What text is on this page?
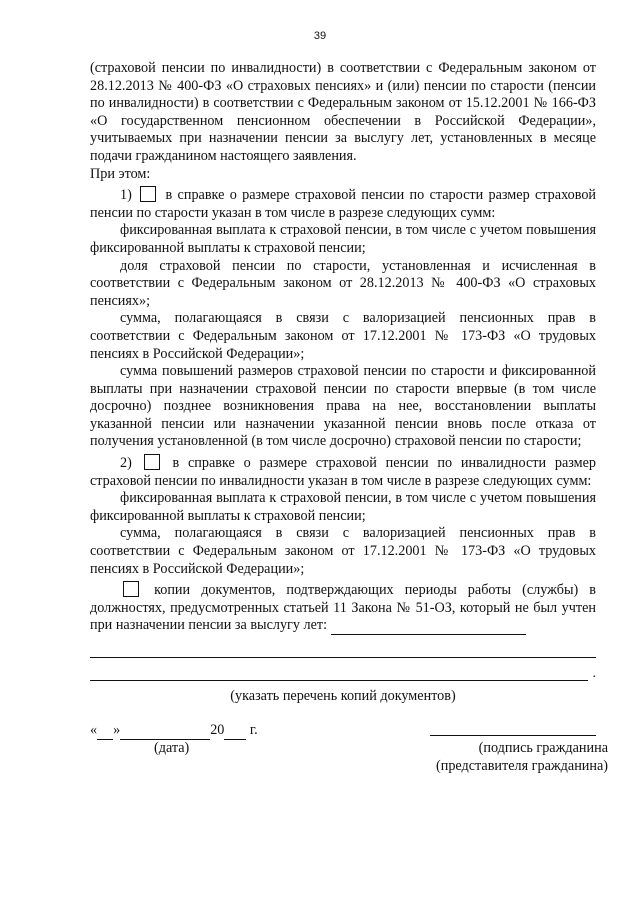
39

(страховой пенсии по инвалидности) в соответствии с Федеральным законом от 28.12.2013 № 400-ФЗ «О страховых пенсиях» и (или) пенсии по старости (пенсии по инвалидности) в соответствии с Федеральным законом от 15.12.2001 № 166-ФЗ «О государственном пенсионном обеспечении в Российской Федерации», учитываемых при назначении пенсии за выслугу лет, установленных в месяце подачи гражданином настоящего заявления.

При этом:

1) в справке о размере страховой пенсии по старости размер страховой пенсии по старости указан в том числе в разрезе следующих сумм:

фиксированная выплата к страховой пенсии, в том числе с учетом повышения фиксированной выплаты к страховой пенсии;

доля страховой пенсии по старости, установленная и исчисленная в соответствии с Федеральным законом от 28.12.2013 № 400-ФЗ «О страховых пенсиях»;

сумма, полагающаяся в связи с валоризацией пенсионных прав в соответствии с Федеральным законом от 17.12.2001 № 173-ФЗ «О трудовых пенсиях в Российской Федерации»;

сумма повышений размеров страховой пенсии по старости и фиксированной выплаты при назначении страховой пенсии по старости впервые (в том числе досрочно) позднее возникновения права на нее, восстановлении выплаты указанной пенсии или назначении указанной пенсии вновь после отказа от получения установленной (в том числе досрочно) страховой пенсии по старости;

2)	в справке о размере страховой пенсии по инвалидности размер страховой пенсии по инвалидности указан в том числе в разрезе следующих сумм:

фиксированная выплата к страховой пенсии, в том числе с учетом повышения фиксированной выплаты к страховой пенсии;

сумма, полагающаяся в связи с валоризацией пенсионных прав в соответствии с Федеральным законом от 17.12.2001 № 173-ФЗ «О трудовых пенсиях в Российской Федерации»;

копии документов, подтверждающих периоды работы (службы) в должностях, предусмотренных статьей 11 Закона № 51-ОЗ, который не был учтен при назначении пенсии за выслугу лет:

.
(указать перечень копий документов)
« »	20 г.
(дата)	(подпись гражданина
(представителя гражданина)
